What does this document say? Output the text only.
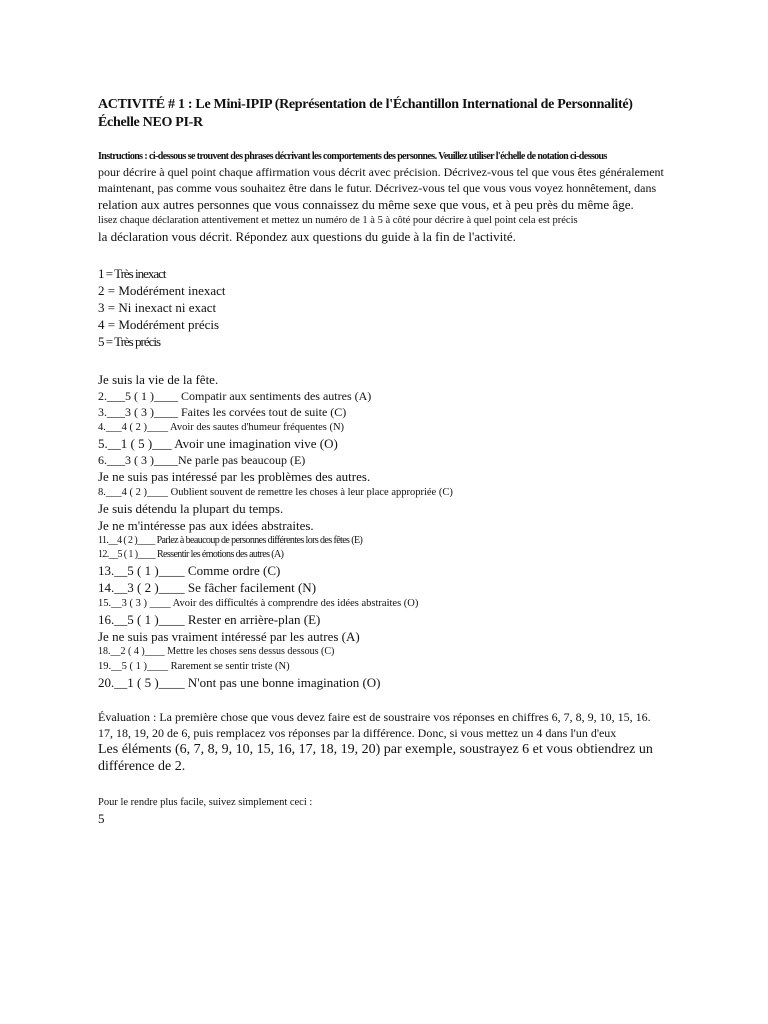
ACTIVITÉ # 1 : Le Mini-IPIP (Représentation de l'Échantillon International de Personnalité)

Échelle NEO PI-R

Instructions : ci-dessous se trouvent des phrases décrivant les comportements des personnes. Veuillez utiliser l'échelle de notation ci-dessous

pour décrire à quel point chaque affirmation vous décrit avec précision. Décrivez-vous tel que vous êtes généralement

maintenant, pas comme vous souhaitez être dans le futur. Décrivez-vous tel que vous vous voyez honnêtement, dans

relation aux autres personnes que vous connaissez du même sexe que vous, et à peu près du même âge.

lisez chaque déclaration attentivement et mettez un numéro de 1 à 5 à côté pour décrire à quel point cela est précis

la déclaration vous décrit. Répondez aux questions du guide à la fin de l'activité.

1 = Très inexact

2 = Modérément inexact

3 = Ni inexact ni exact

4 = Modérément précis

5 = Très précis

Je suis la vie de la fête.

2.___5 ( 1 )____ Compatir aux sentiments des autres (A)

3.___3 ( 3 )____ Faites les corvées tout de suite (C)

4.___4 ( 2 )____ Avoir des sautes d'humeur fréquentes (N)

5.__1 ( 5 )___ Avoir une imagination vive (O)

6.___3 ( 3 )____Ne parle pas beaucoup (E)

Je ne suis pas intéressé par les problèmes des autres.

8.___4 ( 2 )____ Oublient souvent de remettre les choses à leur place appropriée (C)

Je suis détendu la plupart du temps.

Je ne m'intéresse pas aux idées abstraites.

11.__4 ( 2 )____ Parlez à beaucoup de personnes différentes lors des fêtes (E)

12.__5 ( 1 )____ Ressentir les émotions des autres (A)

13.__5 ( 1 )____ Comme ordre (C)

14.__3 ( 2 )____ Se fâcher facilement (N)

15.__3 ( 3 ) ____ Avoir des difficultés à comprendre des idées abstraites (O)

16.__5 ( 1 )____ Rester en arrière-plan (E)

Je ne suis pas vraiment intéressé par les autres (A)

18.__2 ( 4 )____ Mettre les choses sens dessus dessous (C)

19.__5 ( 1 )____ Rarement se sentir triste (N)

20.__1 ( 5 )____ N'ont pas une bonne imagination (O)

Évaluation : La première chose que vous devez faire est de soustraire vos réponses en chiffres 6, 7, 8, 9, 10, 15, 16.

17, 18, 19, 20 de 6, puis remplacez vos réponses par la différence. Donc, si vous mettez un 4 dans l'un d'eux

Les éléments (6, 7, 8, 9, 10, 15, 16, 17, 18, 19, 20) par exemple, soustrayez 6 et vous obtiendrez un

différence de 2.

Pour le rendre plus facile, suivez simplement ceci :

5
